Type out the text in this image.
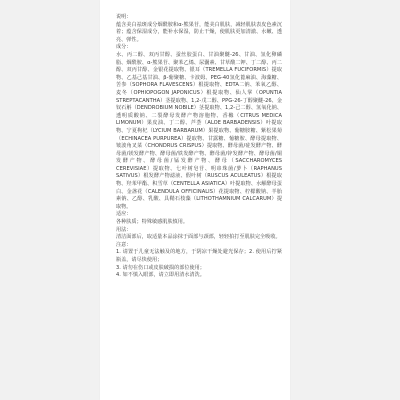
说明：
蕴含美白祛斑成分烟酰胺和α-熊果苷，能美白肌肤，减轻肌肤表皮色素沉着；蕴含保湿成分，能补水保湿，防止干燥，使肌肤更加清澈、水嫩、透亮、弹性。
成分：
水、丙二醇、双丙甘醇、蚕丝胶蛋白、甘油聚醚-26、甘油、氢化卵磷脂、烟酰胺、α-熊果苷、聚苯乙烯、尿囊素、甘草酸二钾、丁二醇、丙二醇、双丙甘醇、金银花提取物、银耳（TREMELLA FUCIFORMIS）提取物、乙基己基甘油、β-葡聚糖、卡波姆、PEG-40氢化蓖麻油、海藻糖、苦参（SOPHORA FLAVESCENS）根提取物、EDTA二钠、苯氧乙醇、麦冬（OPHIOPOGON JAPONICUS）根提取物、仙人掌（OPUNTIA STREPTACANTHA）茎提取物、1,2-戊二醇、PPG-26-丁醇聚醚-26、金钗石斛（DENDROBIUM NOBILE）茎提取物、1,2-己二醇、氢氧化钠、透明质酸钠、二裂酵母发酵产物溶胞物、香橼（CITRUS MEDICA LIMONUM）果皮油、丁二醇、芦荟（ALOE BARBADENSIS）叶提取物、宁夏枸杞（LYCIUM BARBARUM）果提取物、葡糖胺糖、紫松果菊（ECHINACEA PURPUREA）提取物、甘露糖、葡糖胺、酵母提取物、皱波角叉菜（CHONDRUS CRISPUS）提取物、酵母菌/硅发酵产物、酵母菌/镁发酵产物、酵母菌/铁发酵产物、酵母菌/锌发酵产物、酵母菌/铜发酵产物、酵母菌/锰发酵产物、酵母（SACCHAROMYCES CEREVISIAE）提取物、七叶树皂苷、明串珠菌/萝卜（RAPHANUS SATIVUS）根发酵产物滤液、假叶树（RUSCUS ACULEATUS）根提取物、羟苯甲酯、积雪草（CENTELLA ASIATICA）叶提取物、水解酵母蛋白、金盏花（CALENDULA OFFICINALIS）花提取物、柠檬酸钠、羊胎素钠、乙醇、乳酸、具鞘石枝藻（LITHOTHAMNIUM CALCARUM）提取物。
适应：
各种肤质；特殊敏感肌肤慎用。
用法：
清洁面部后，取适量本品涂抹于面部与颈部，轻轻拍打至肌肤完全吸收。
注意：
1. 请置于儿童无法触及的地方，于阴凉干燥处避光保存；2. 使用后拧紧瓶盖，请尽快使用；
3. 请勿在伤口或皮肤破损的部位使用；
4. 如不慎入眼部，请立即用清水清洗。
